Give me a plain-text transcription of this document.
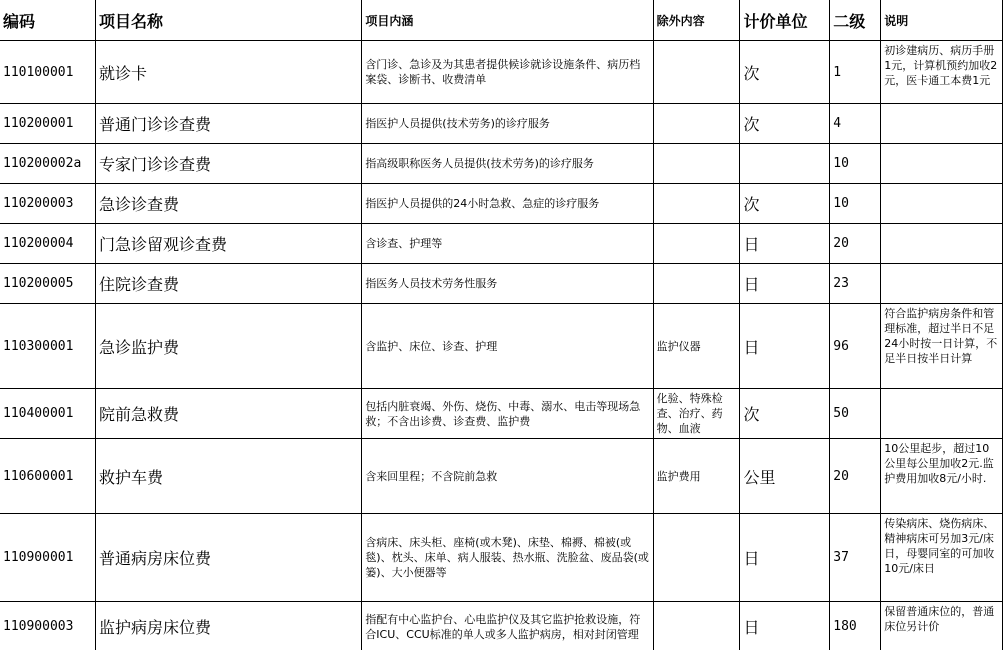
编码	项目名称	项目内涵	除外内容	计价单位	二级	说明
110100001	就诊卡	含门诊、急诊及为其患者提供候诊就诊设施条件、病历档案袋、诊断书、收费清单		次	1	初诊建病历、病历手册1元，计算机预约加收2元，医卡通工本费1元
110200001	普通门诊诊查费	指医护人员提供(技术劳务)的诊疗服务		次	4	
110200002a	专家门诊诊查费	指高级职称医务人员提供(技术劳务)的诊疗服务			10	
110200003	急诊诊查费	指医护人员提供的24小时急救、急症的诊疗服务		次	10	
110200004	门急诊留观诊查费	含诊查、护理等		日	20	
110200005	住院诊查费	指医务人员技术劳务性服务		日	23	
110300001	急诊监护费	含监护、床位、诊查、护理	监护仪器	日	96	符合监护病房条件和管理标准，超过半日不足24小时按一日计算，不足半日按半日计算
110400001	院前急救费	包括内脏衰竭、外伤、烧伤、中毒、溺水、电击等现场急救；不含出诊费、诊查费、监护费	化验、特殊检查、治疗、药物、血液	次	50	
110600001	救护车费	含来回里程；不含院前急救	监护费用	公里	20	10公里起步，超过10公里每公里加收2元.监护费用加收8元/小时.
110900001	普通病房床位费	含病床、床头柜、座椅(或木凳)、床垫、棉褥、棉被(或毯)、枕头、床单、病人服装、热水瓶、洗脸盆、废品袋(或篓)、大小便器等		日	37	传染病床、烧伤病床、精神病床可另加3元/床日，母婴同室的可加收10元/床日
110900003	监护病房床位费	指配有中心监护台、心电监护仪及其它监护抢救设施，符合ICU、CCU标准的单人或多人监护病房，相对封闭管理		日	180	保留普通床位的，普通床位另计价
